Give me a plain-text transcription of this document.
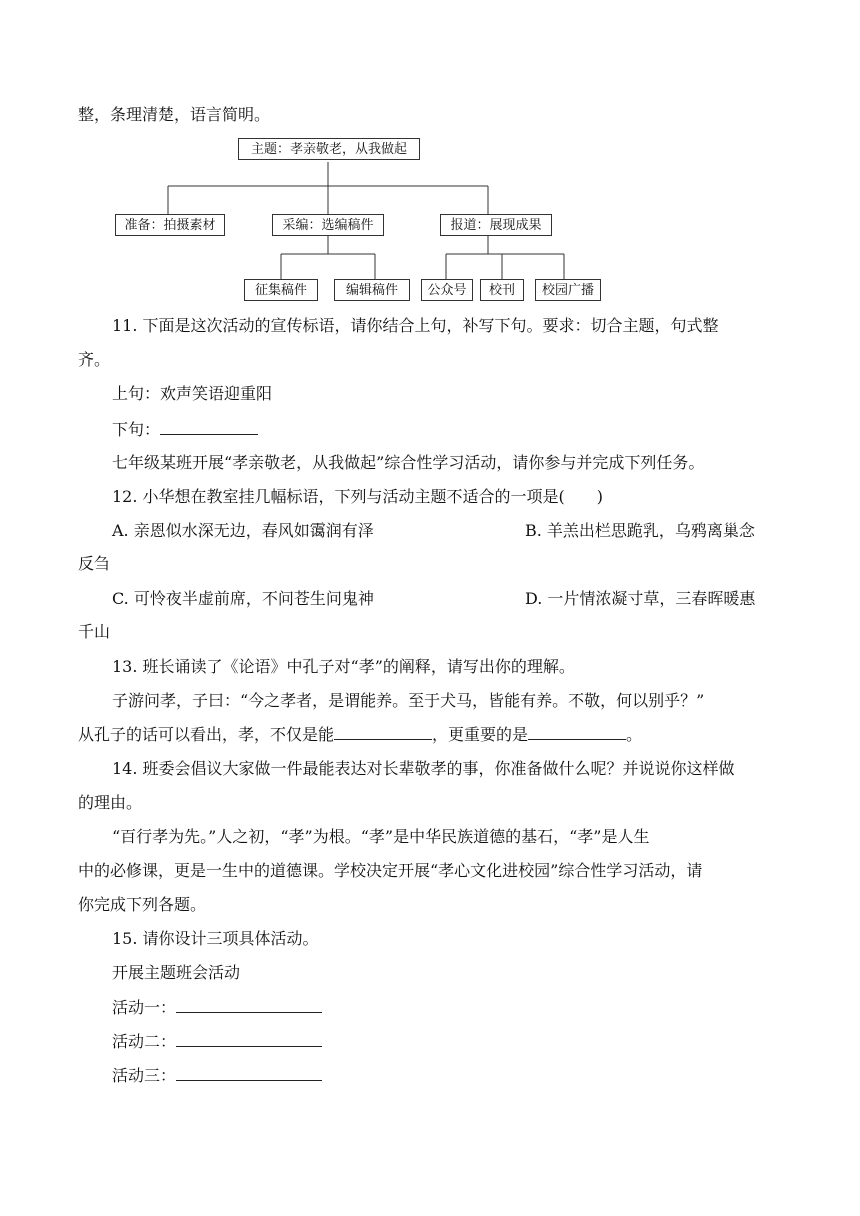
整，条理清楚，语言简明。
主题：孝亲敬老，从我做起
准备：拍摄素材	采编：选编稿件	报道：展现成果
征集稿件	编辑稿件	公众号	校刊	校园广播
11. 下面是这次活动的宣传标语，请你结合上句，补写下句。要求：切合主题，句式整
齐。
上句：欢声笑语迎重阳
下句：
七年级某班开展“孝亲敬老，从我做起”综合性学习活动，请你参与并完成下列任务。
12. 小华想在教室挂几幅标语，下列与活动主题不适合的一项是(　　)
A. 亲恩似水深无边，春风如霭润有泽	B. 羊羔出栏思跪乳，乌鸦离巢念
反刍
C. 可怜夜半虚前席，不问苍生问鬼神	D. 一片情浓凝寸草，三春晖暖惠
千山
13. 班长诵读了《论语》中孔子对“孝”的阐释，请写出你的理解。
子游问孝，子曰：“今之孝者，是谓能养。至于犬马，皆能有养。不敬，何以别乎？”
从孔子的话可以看出，孝，不仅是能	，更重要的是	。
14. 班委会倡议大家做一件最能表达对长辈敬孝的事，你准备做什么呢？并说说你这样做
的理由。
“百行孝为先。”人之初，“孝”为根。“孝”是中华民族道德的基石，“孝”是人生
中的必修课，更是一生中的道德课。学校决定开展“孝心文化进校园”综合性学习活动，请
你完成下列各题。
15. 请你设计三项具体活动。
开展主题班会活动
活动一：
活动二：
活动三：
